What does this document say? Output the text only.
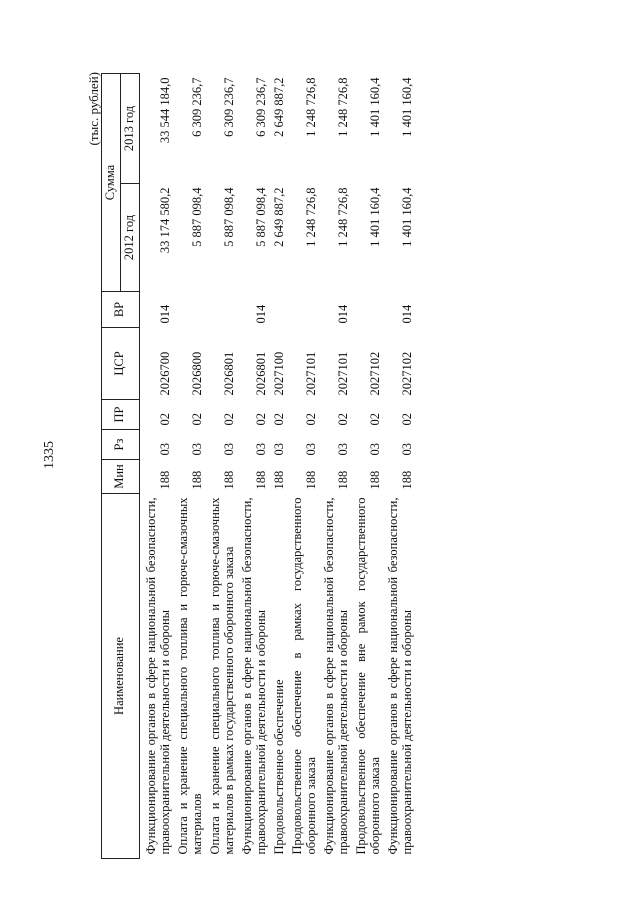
1335
(тыс. рублей)
Наименование	Мин	Рз	ПР	ЦСР	ВР	Сумма	
						2012 год	2013 год
Функционирование органов в сфере национальной безопасности, правоохранительной деятельности и обороны	188	03	02	2026700	014	33 174 580,2	33 544 184,0
Оплата и хранение специального топлива и горюче-смазочных материалов	188	03	02	2026800		5 887 098,4	6 309 236,7
Оплата и хранение специального топлива и горюче-смазочных материалов в рамках государственного оборонного заказа	188	03	02	2026801		5 887 098,4	6 309 236,7
Функционирование органов в сфере национальной безопасности, правоохранительной деятельности и обороны	188	03	02	2026801	014	5 887 098,4	6 309 236,7
Продовольственное обеспечение	188	03	02	2027100		2 649 887,2	2 649 887,2
Продовольственное обеспечение в рамках государственного оборонного заказа	188	03	02	2027101		1 248 726,8	1 248 726,8
Функционирование органов в сфере национальной безопасности, правоохранительной деятельности и обороны	188	03	02	2027101	014	1 248 726,8	1 248 726,8
Продовольственное обеспечение вне рамок государственного оборонного заказа	188	03	02	2027102		1 401 160,4	1 401 160,4
Функционирование органов в сфере национальной безопасности, правоохранительной деятельности и обороны	188	03	02	2027102	014	1 401 160,4	1 401 160,4
